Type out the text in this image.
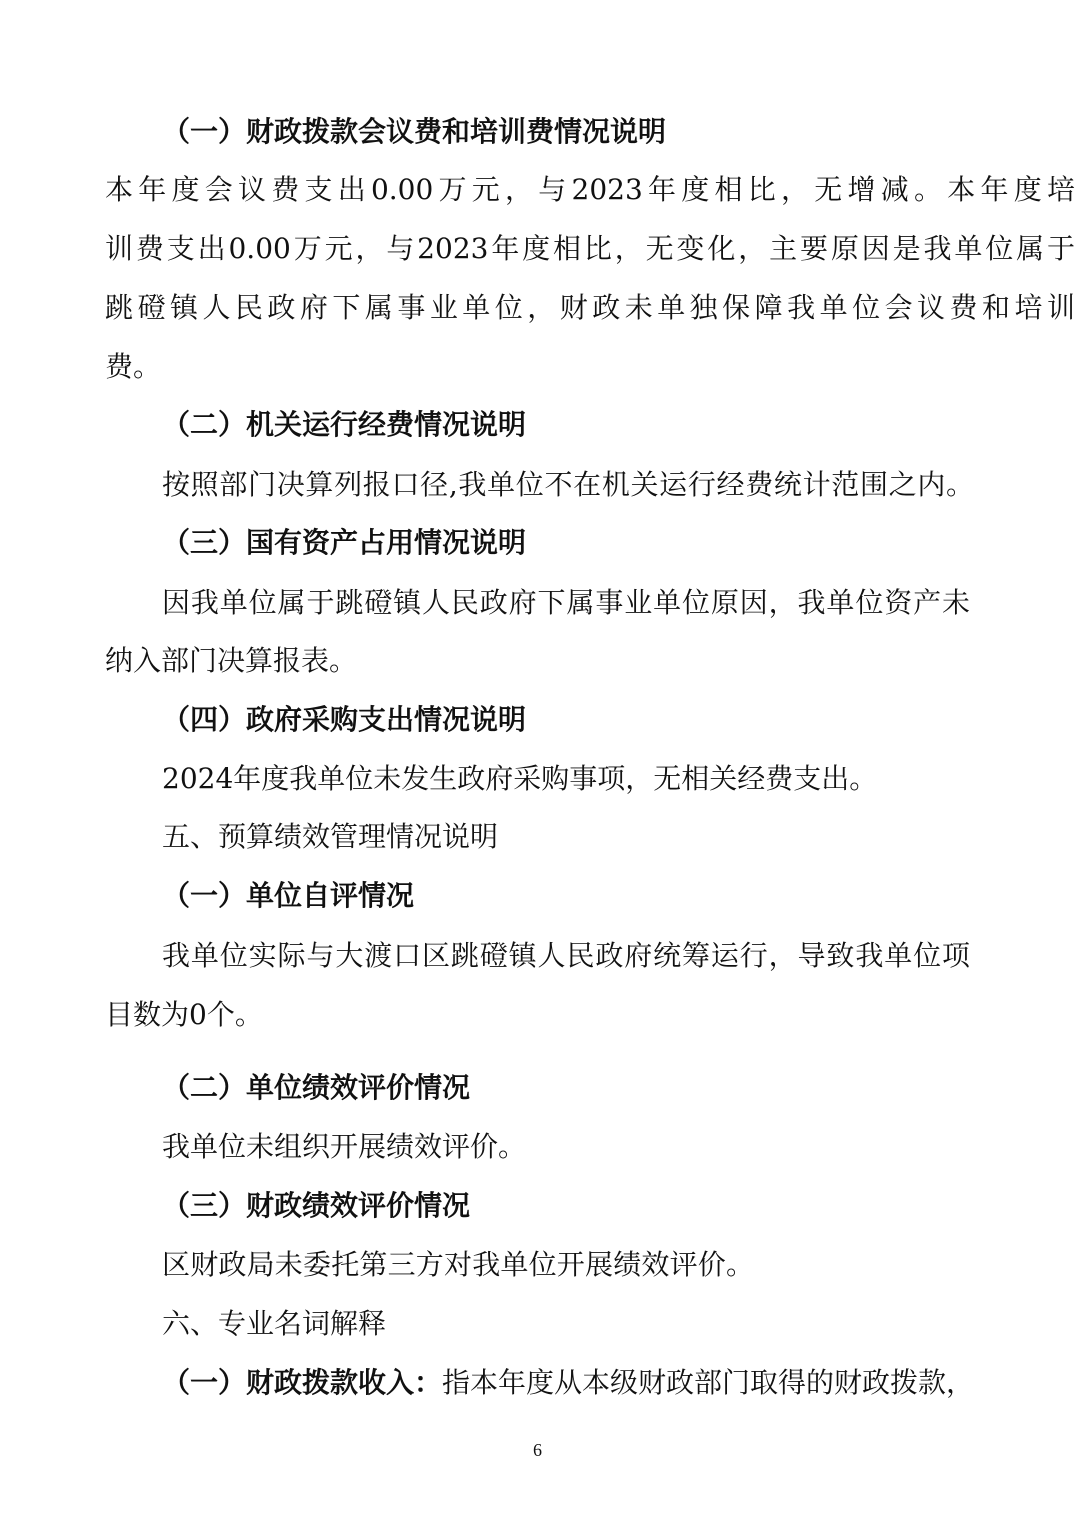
（一）财政拨款会议费和培训费情况说明
本年度会议费支出0.00万元，与2023年度相比，无增减。本年度培
训费支出0.00万元，与2023年度相比，无变化，主要原因是我单位属于
跳磴镇人民政府下属事业单位，财政未单独保障我单位会议费和培训
费。
（二）机关运行经费情况说明
按照部门决算列报口径,我单位不在机关运行经费统计范围之内。
（三）国有资产占用情况说明
因我单位属于跳磴镇人民政府下属事业单位原因，我单位资产未
纳入部门决算报表。
（四）政府采购支出情况说明
2024年度我单位未发生政府采购事项，无相关经费支出。
五、预算绩效管理情况说明
（一）单位自评情况
我单位实际与大渡口区跳磴镇人民政府统筹运行，导致我单位项
目数为0个。
（二）单位绩效评价情况
我单位未组织开展绩效评价。
（三）财政绩效评价情况
区财政局未委托第三方对我单位开展绩效评价。
六、专业名词解释
（一）财政拨款收入： 指本年度从本级财政部门取得的财政拨款，
6
